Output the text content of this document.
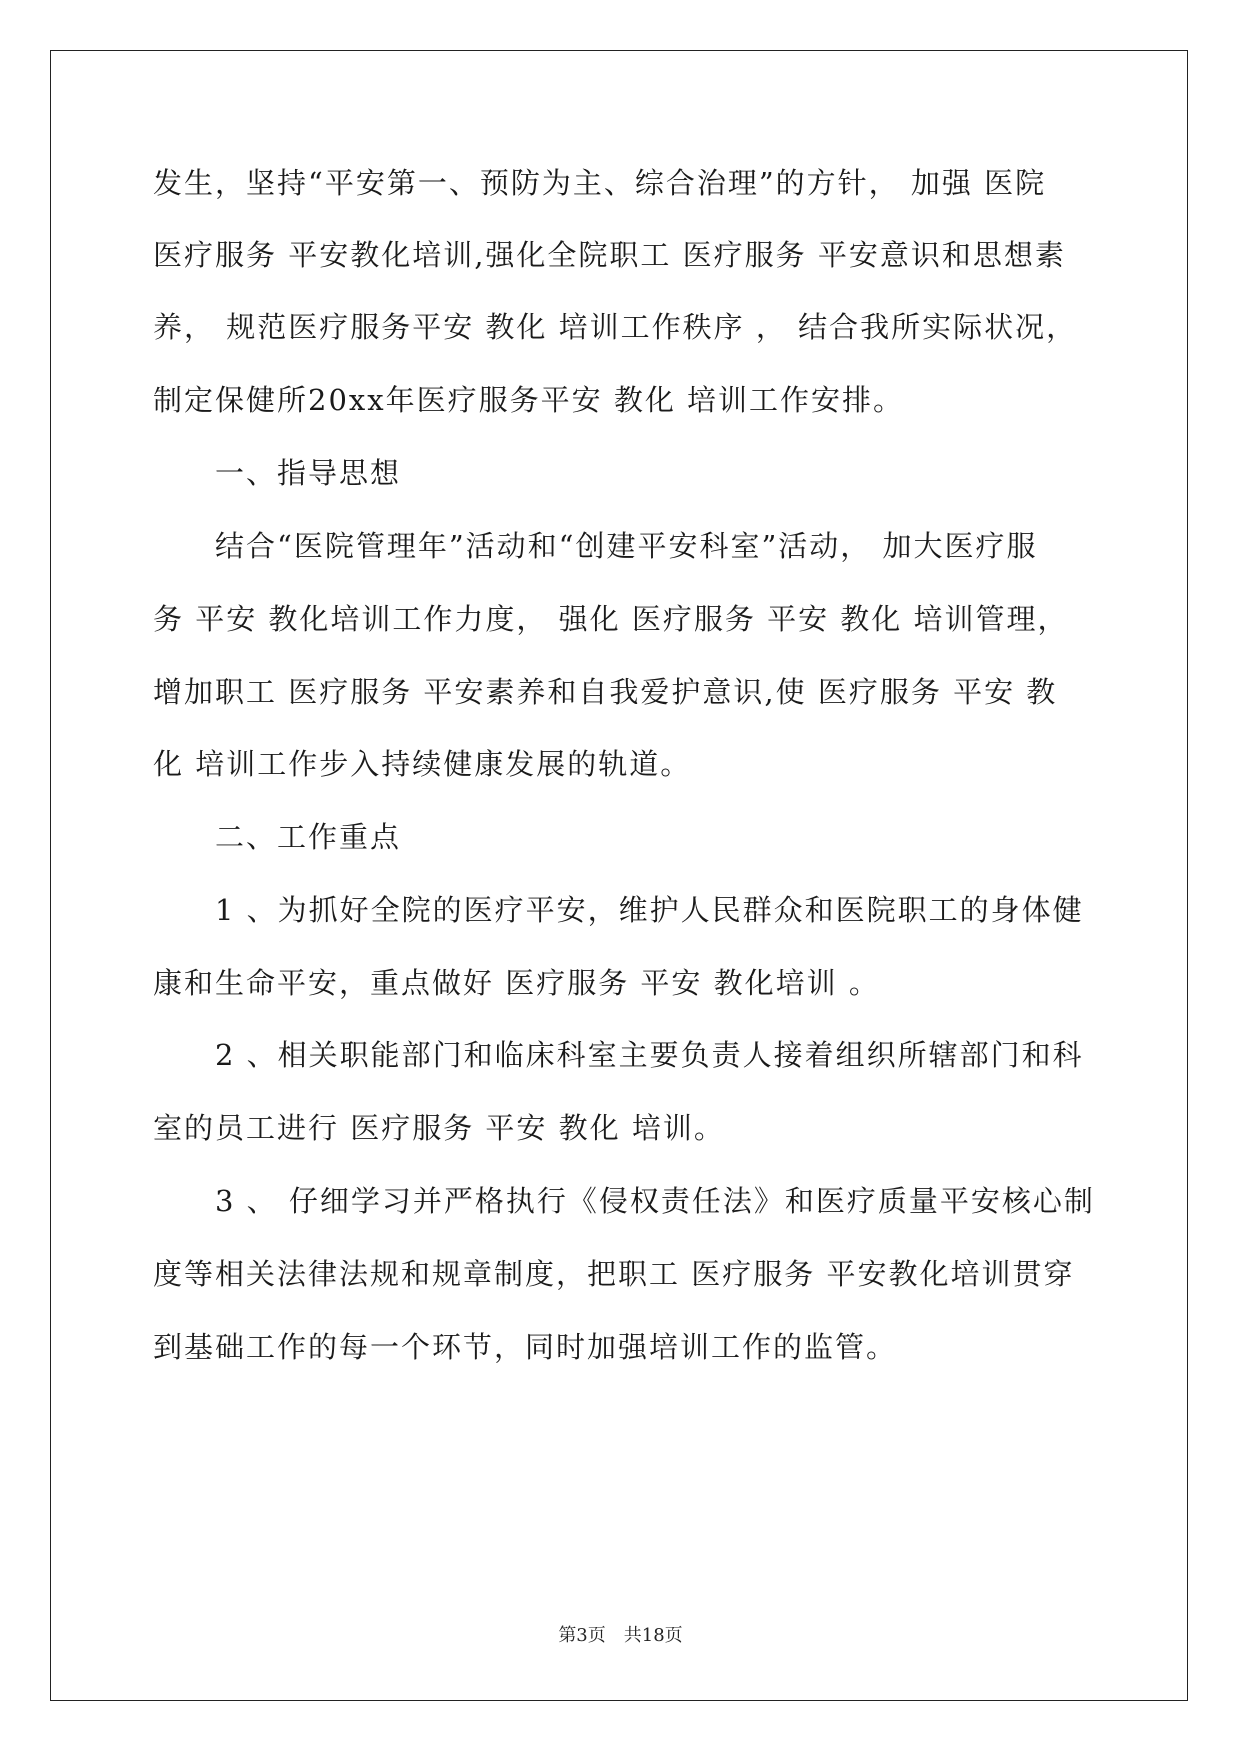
发生，坚持“平安第一、预防为主、综合治理”的方针， 加强 医院
医疗服务 平安教化培训,强化全院职工 医疗服务 平安意识和思想素
养， 规范医疗服务平安 教化 培训工作秩序 ， 结合我所实际状况，
制定保健所20xx年医疗服务平安 教化 培训工作安排。
一、指导思想
结合“医院管理年”活动和“创建平安科室”活动， 加大医疗服
务 平安 教化培训工作力度， 强化 医疗服务 平安 教化 培训管理，
增加职工 医疗服务 平安素养和自我爱护意识,使 医疗服务 平安 教
化 培训工作步入持续健康发展的轨道。
二、工作重点
1 、为抓好全院的医疗平安，维护人民群众和医院职工的身体健
康和生命平安，重点做好 医疗服务 平安 教化培训 。
2 、相关职能部门和临床科室主要负责人接着组织所辖部门和科
室的员工进行 医疗服务 平安 教化 培训。
3 、 仔细学习并严格执行《侵权责任法》和医疗质量平安核心制
度等相关法律法规和规章制度，把职工 医疗服务 平安教化培训贯穿
到基础工作的每一个环节，同时加强培训工作的监管。
第3页 共18页
